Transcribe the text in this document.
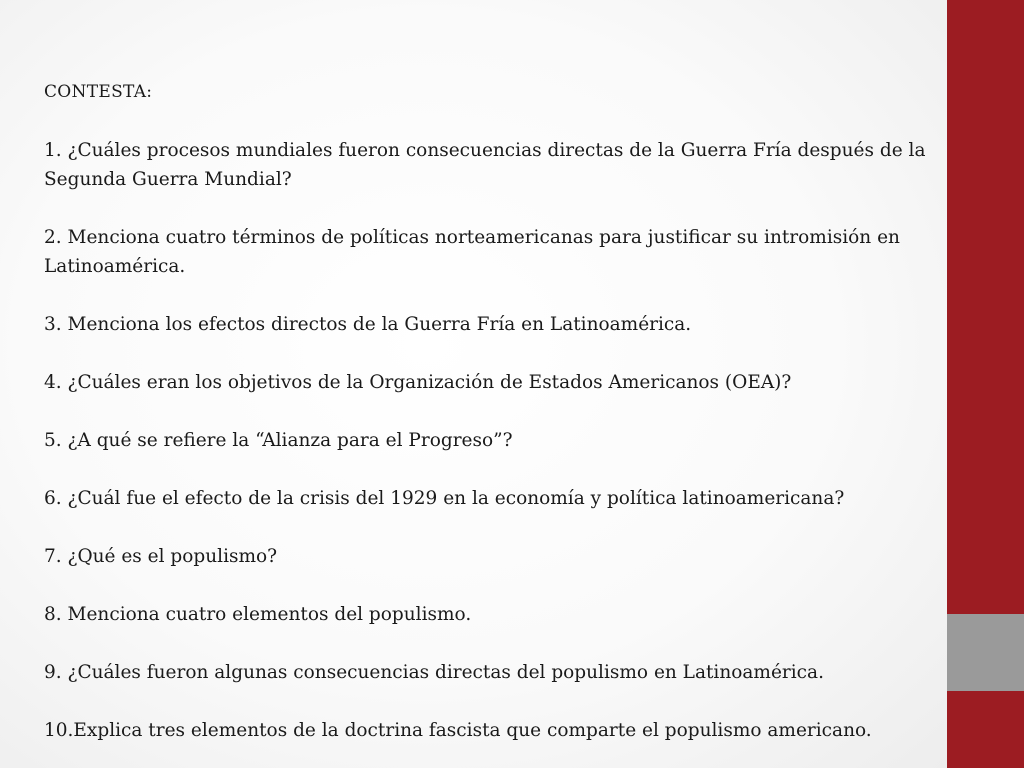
CONTESTA:

1. ¿Cuáles procesos mundiales fueron consecuencias directas de la Guerra Fría después de la Segunda Guerra Mundial?

2. Menciona cuatro términos de políticas norteamericanas para justificar su intromisión en Latinoamérica.

3. Menciona los efectos directos de la Guerra Fría en Latinoamérica.

4. ¿Cuáles eran los objetivos de la Organización de Estados Americanos (OEA)?

5. ¿A qué se refiere la “Alianza para el Progreso”?

6. ¿Cuál fue el efecto de la crisis del 1929 en la economía y política latinoamericana?

7. ¿Qué es el populismo?

8. Menciona cuatro elementos del populismo.

9. ¿Cuáles fueron algunas consecuencias directas del populismo en Latinoamérica.

10.Explica tres elementos de la doctrina fascista que comparte el populismo americano.
